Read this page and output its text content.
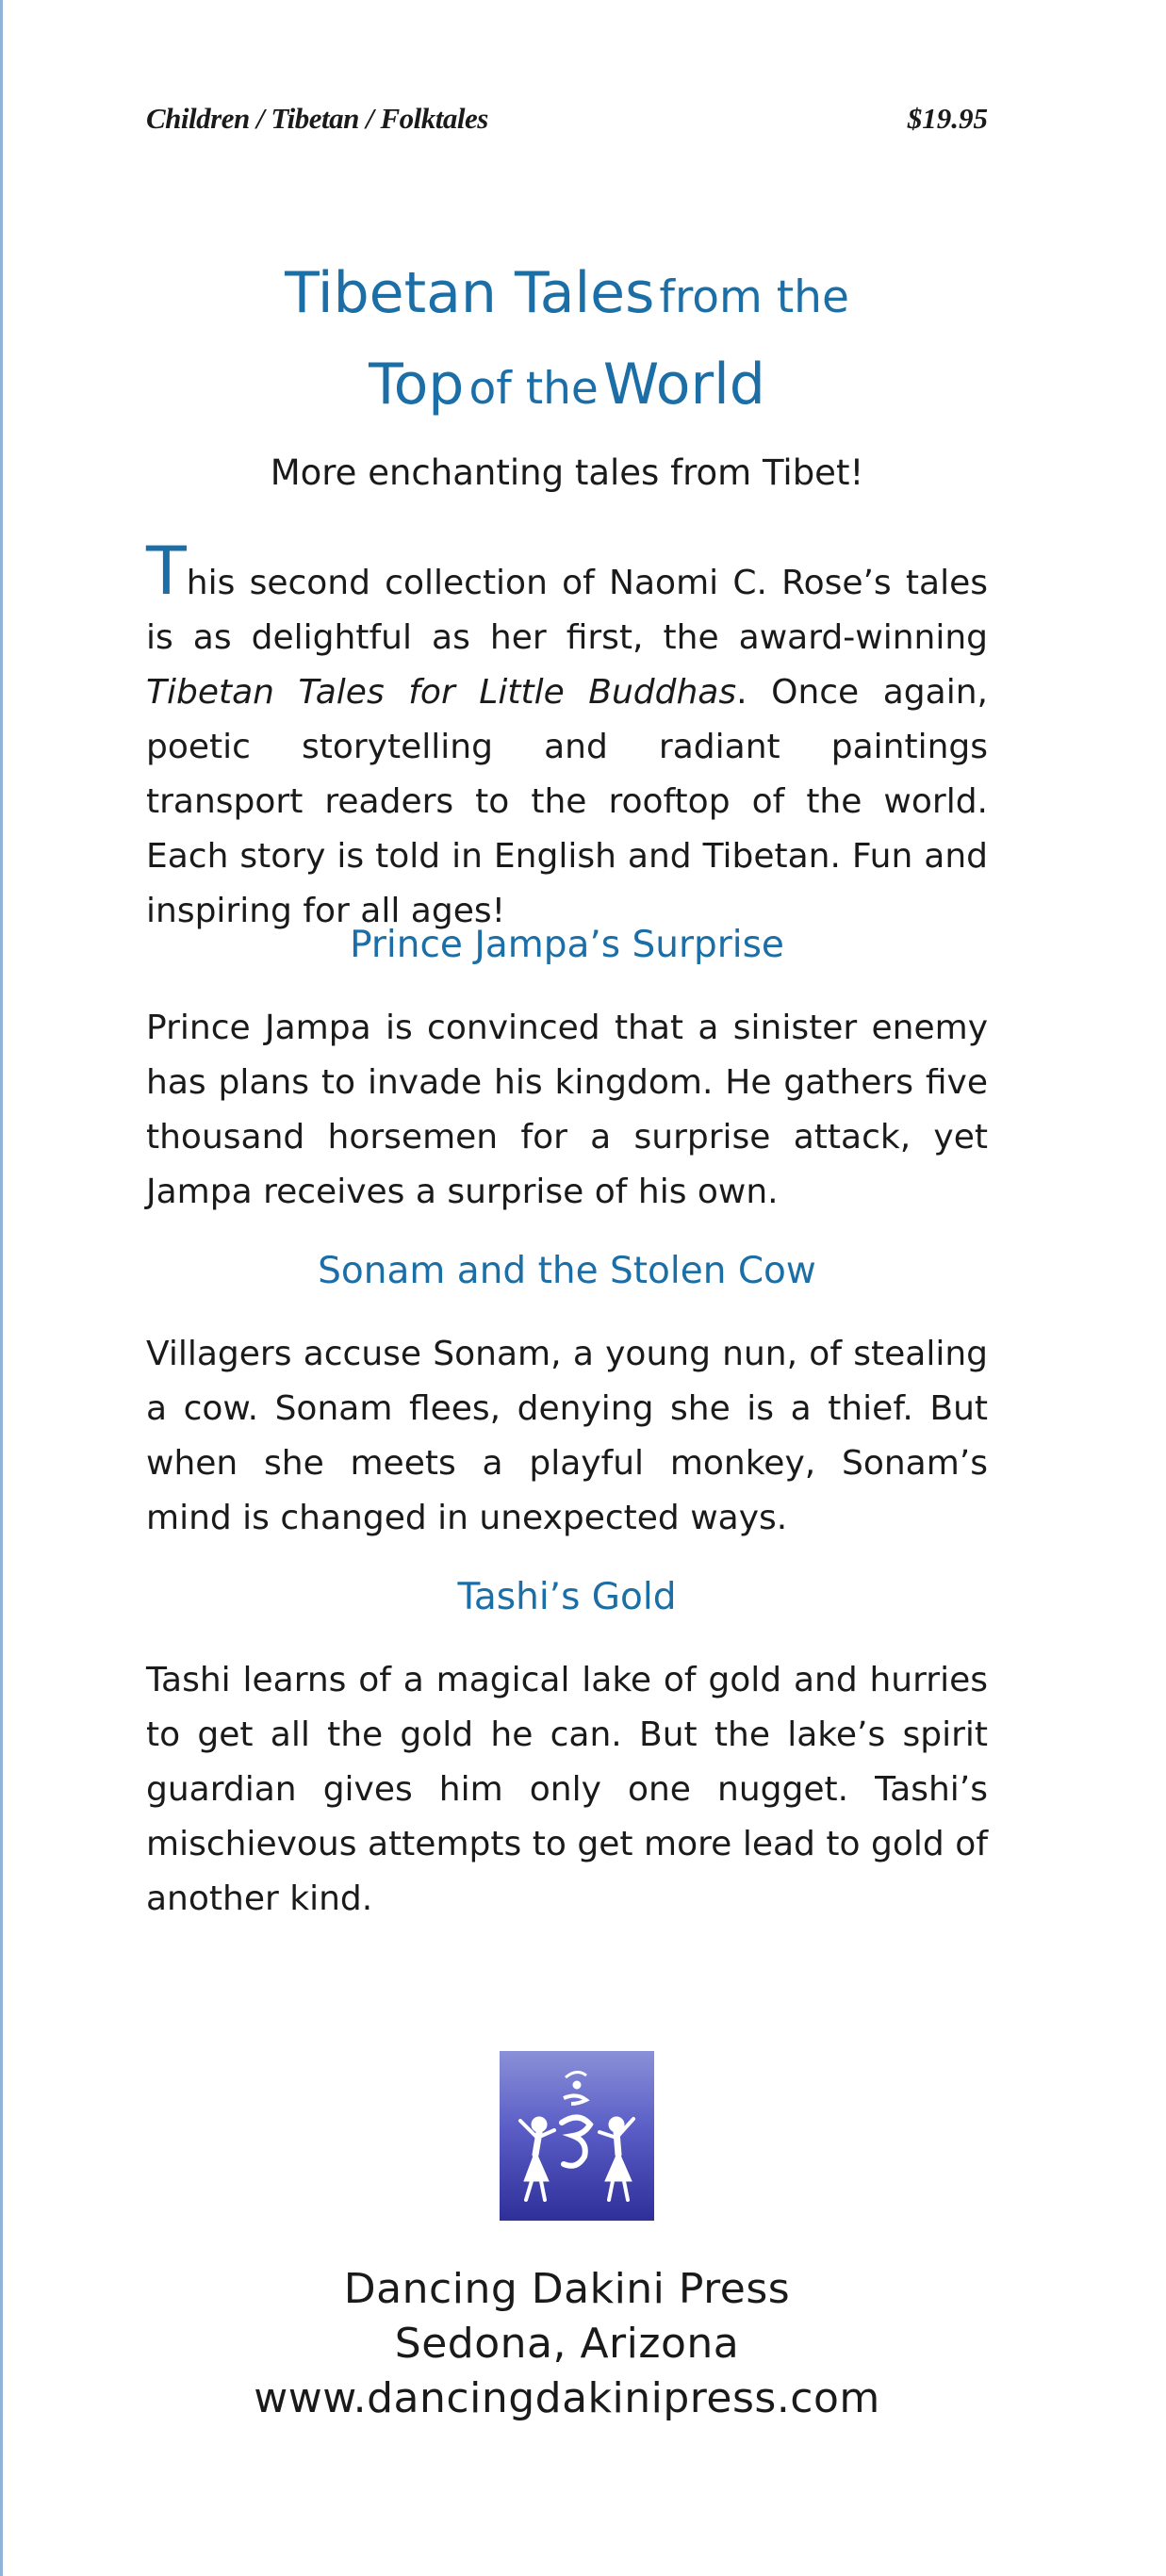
Children / Tibetan / Folktales	$19.95
Tibetan Tales from the
Top of the World
More enchanting tales from Tibet!

This second collection of Naomi C. Rose’s tales is as delightful as her first, the award-winning Tibetan Tales for Little Buddhas. Once again, poetic storytelling and radiant paintings transport readers to the rooftop of the world. Each story is told in English and Tibetan. Fun and inspiring for all ages!

Prince Jampa’s Surprise

Prince Jampa is convinced that a sinister enemy has plans to invade his kingdom. He gathers five thousand horsemen for a surprise attack, yet Jampa receives a surprise of his own.

Sonam and the Stolen Cow

Villagers accuse Sonam, a young nun, of stealing a cow. Sonam flees, denying she is a thief. But when she meets a playful monkey, Sonam’s mind is changed in unexpected ways.

Tashi’s Gold

Tashi learns of a magical lake of gold and hurries to get all the gold he can. But the lake’s spirit guardian gives him only one nugget. Tashi’s mischievous attempts to get more lead to gold of another kind.

Dancing Dakini Press
Sedona, Arizona
www.dancingdakinipress.com
